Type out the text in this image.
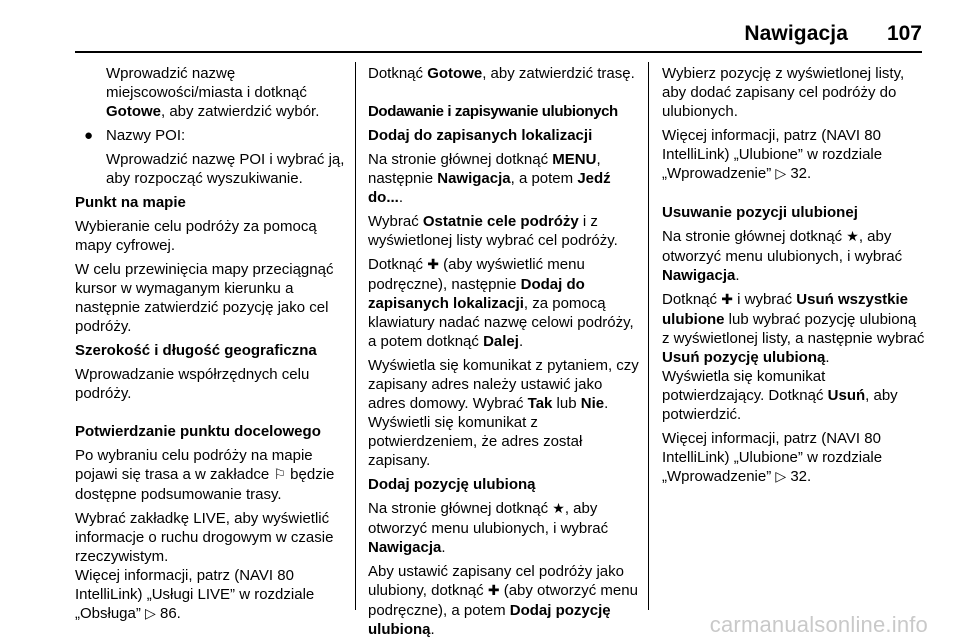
Nawigacja 107

Wprowadzić nazwę miejscowości/miasta i dotknąć Gotowe, aby zatwierdzić wybór.

● Nazwy POI:

Wprowadzić nazwę POI i wybrać ją, aby rozpocząć wyszukiwanie.

Punkt na mapie

Wybieranie celu podróży za pomocą mapy cyfrowej.

W celu przewinięcia mapy przeciągnąć kursor w wymaganym kierunku a następnie zatwierdzić pozycję jako cel podróży.

Szerokość i długość geograficzna

Wprowadzanie współrzędnych celu podróży.

Potwierdzanie punktu docelowego

Po wybraniu celu podróży na mapie pojawi się trasa a w zakładce ⚐ będzie dostępne podsumowanie trasy.

Wybrać zakładkę LIVE, aby wyświetlić informacje o ruchu drogowym w czasie rzeczywistym.

Więcej informacji, patrz (NAVI 80 IntelliLink) „Usługi LIVE” w rozdziale „Obsługa” ▷ 86.

Dotknąć Gotowe, aby zatwierdzić trasę.

Dodawanie i zapisywanie ulubionych

Dodaj do zapisanych lokalizacji

Na stronie głównej dotknąć MENU, następnie Nawigacja, a potem Jedź do....

Wybrać Ostatnie cele podróży i z wyświetlonej listy wybrać cel podróży.

Dotknąć ✚ (aby wyświetlić menu podręczne), następnie Dodaj do zapisanych lokalizacji, za pomocą klawiatury nadać nazwę celowi podróży, a potem dotknąć Dalej.

Wyświetla się komunikat z pytaniem, czy zapisany adres należy ustawić jako adres domowy. Wybrać Tak lub Nie. Wyświetli się komunikat z potwierdzeniem, że adres został zapisany.

Dodaj pozycję ulubioną

Na stronie głównej dotknąć ★, aby otworzyć menu ulubionych, i wybrać Nawigacja.

Aby ustawić zapisany cel podróży jako ulubiony, dotknąć ✚ (aby otworzyć menu podręczne), a potem Dodaj pozycję ulubioną.

Wybierz pozycję z wyświetlonej listy, aby dodać zapisany cel podróży do ulubionych.

Więcej informacji, patrz (NAVI 80 IntelliLink) „Ulubione” w rozdziale „Wprowadzenie” ▷ 32.

Usuwanie pozycji ulubionej

Na stronie głównej dotknąć ★, aby otworzyć menu ulubionych, i wybrać Nawigacja.

Dotknąć ✚ i wybrać Usuń wszystkie ulubione lub wybrać pozycję ulubioną z wyświetlonej listy, a następnie wybrać Usuń pozycję ulubioną.

Wyświetla się komunikat potwierdzający. Dotknąć Usuń, aby potwierdzić.

Więcej informacji, patrz (NAVI 80 IntelliLink) „Ulubione” w rozdziale „Wprowadzenie” ▷ 32.

carmanualsonline.info
